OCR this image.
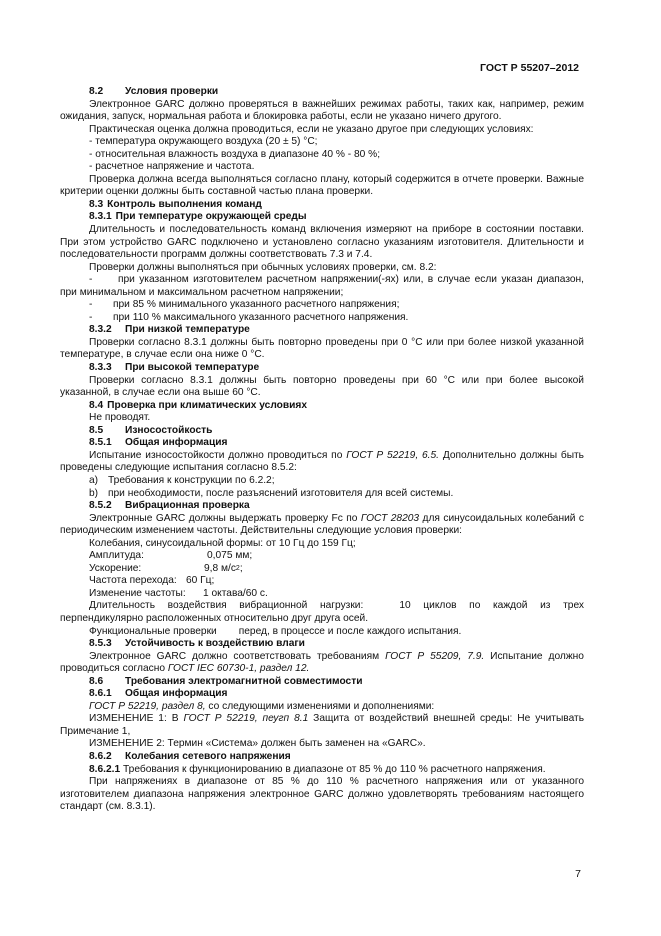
ГОСТ Р 55207–2012

8.2 Условия проверки

Электронное GARC должно проверяться в важнейших режимах работы, таких как, например, режим ожидания, запуск, нормальная работа и блокировка работы, если не указано ничего другого.

Практическая оценка должна проводиться, если не указано другое при следующих условиях:

- температура окружающего воздуха (20 ± 5) °C;

- относительная влажность воздуха в диапазоне 40 % - 80 %;

- расчетное напряжение и частота.

Проверка должна всегда выполняться согласно плану, который содержится в отчете проверки. Важные критерии оценки должны быть составной частью плана проверки.

8.3 Контроль выполнения команд

8.3.1 При температуре окружающей среды

Длительность и последовательность команд включения измеряют на приборе в состоянии поставки. При этом устройство GARC подключено и установлено согласно указаниям изготовителя. Длительности и последовательности программ должны соответствовать 7.3 и 7.4.

Проверки должны выполняться при обычных условиях проверки, см. 8.2:

-	при указанном изготовителем расчетном напряжении(-ях) или, в случае если указан диапазон, при минимальном и максимальном расчетном напряжении;

-	при 85 % минимального указанного расчетного напряжения;

-	при 110 % максимального указанного расчетного напряжения.

8.3.2 При низкой температуре

Проверки согласно 8.3.1 должны быть повторно проведены при 0 °C или при более низкой указанной температуре, в случае если она ниже 0 °C.

8.3.3 При высокой температуре

Проверки согласно 8.3.1 должны быть повторно проведены при 60 °C или при более высокой указанной, в случае если она выше 60 °C.

8.4 Проверка при климатических условиях

Не проводят.

8.5 Износостойкость

8.5.1 Общая информация

Испытание износостойкости должно проводиться по ГОСТ Р 52219, 6.5. Дополнительно должны быть проведены следующие испытания согласно 8.5.2:

a) Требования к конструкции по 6.2.2;

b) при необходимости, после разъяснений изготовителя для всей системы.

8.5.2 Вибрационная проверка

Электронные GARC должны выдержать проверку Fc по ГОСТ 28203 для синусоидальных колебаний с периодическим изменением частоты. Действительны следующие условия проверки:

Колебания, синусоидальной формы: от 10 Гц до 159 Гц;

Амплитуда:	0,075 мм;

Ускорение:	9,8 м/с 2 ;

Частота перехода: 60 Гц;

Изменение частоты:	1 октава/60 с.

Длительность воздействия вибрационной нагрузки:	10 циклов по каждой из трех перпендикулярно расположенных относительно друг друга осей.

Функциональные проверки перед, в процессе и после каждого испытания.

8.5.3 Устойчивость к воздействию влаги

Электронное GARC должно соответствовать требованиям ГОСТ Р 55209, 7.9. Испытание должно проводиться согласно ГОСТ IEC 60730-1, раздел 12.

8.6 Требования электромагнитной совместимости

8.6.1 Общая информация

ГОСТ Р 52219, раздел 8, со следующими изменениями и дополнениями:

ИЗМЕНЕНИЕ 1: В ГОСТ Р 52219, пеугп 8.1 Защита от воздействий внешней среды: Не учитывать Примечание 1,

ИЗМЕНЕНИЕ 2: Термин «Система» должен быть заменен на «GARC».

8.6.2 Колебания сетевого напряжения

8.6.2.1 Требования к функционированию в диапазоне от 85 % до 110 % расчетного напряжения.

При напряжениях в диапазоне от 85 % до 110 % расчетного напряжения или от указанного изготовителем диапазона напряжения электронное GARC должно удовлетворять требованиям настоящего стандарт (см. 8.3.1).

7
